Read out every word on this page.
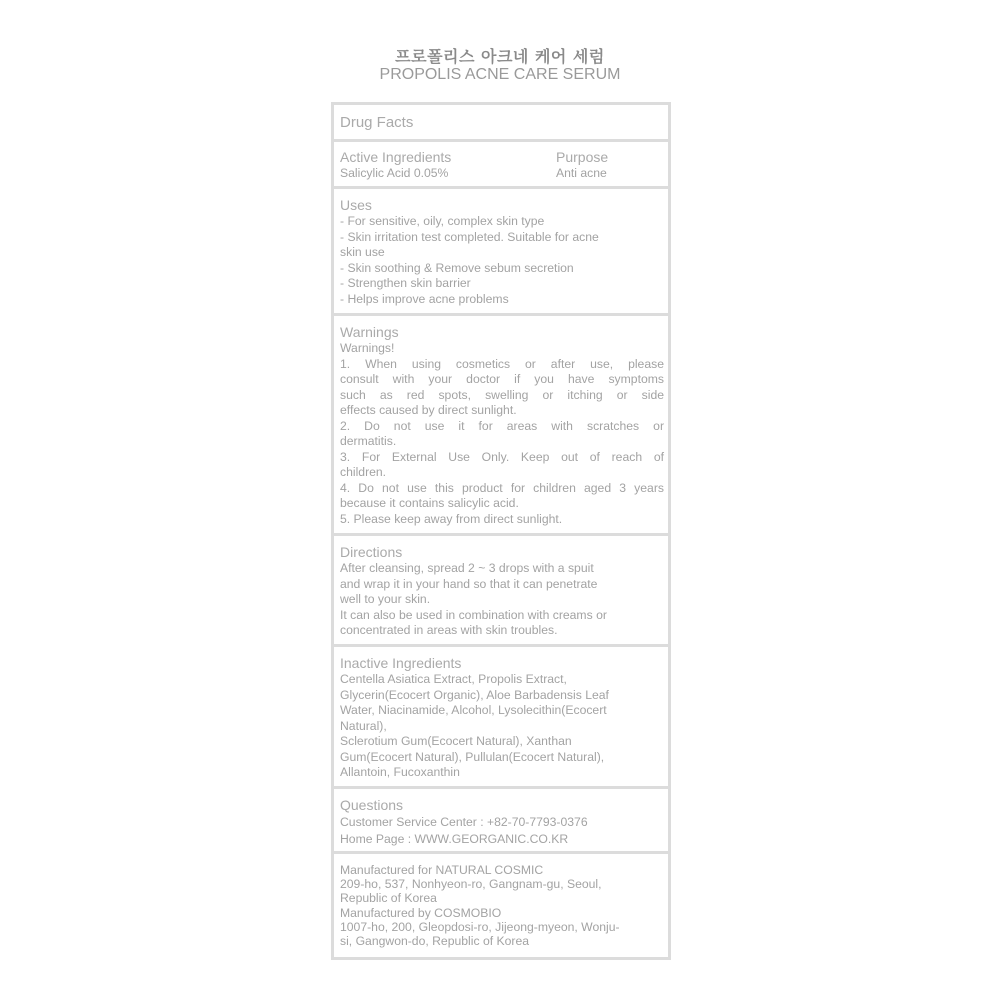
프로폴리스 아크네 케어 세럼
PROPOLIS ACNE CARE SERUM
Drug Facts
Active Ingredients
Salicylic Acid 0.05%
Purpose
Anti acne
Uses
- For sensitive, oily, complex skin type
- Skin irritation test completed. Suitable for acne
skin use
- Skin soothing & Remove sebum secretion
- Strengthen skin barrier
- Helps improve acne problems
Warnings
Warnings!
1. When using cosmetics or after use, please
consult with your doctor if you have symptoms
such as red spots, swelling or itching or side
effects caused by direct sunlight.
2. Do not use it for areas with scratches or
dermatitis.
3. For External Use Only. Keep out of reach of
children.
4. Do not use this product for children aged 3 years
because it contains salicylic acid.
5. Please keep away from direct sunlight.
Directions
After cleansing, spread 2 ~ 3 drops with a spuit
and wrap it in your hand so that it can penetrate
well to your skin.
It can also be used in combination with creams or
concentrated in areas with skin troubles.
Inactive Ingredients
Centella Asiatica Extract, Propolis Extract,
Glycerin(Ecocert Organic), Aloe Barbadensis Leaf
Water, Niacinamide, Alcohol, Lysolecithin(Ecocert
Natural),
Sclerotium Gum(Ecocert Natural), Xanthan
Gum(Ecocert Natural), Pullulan(Ecocert Natural),
Allantoin, Fucoxanthin
Questions
Customer Service Center : +82-70-7793-0376
Home Page : WWW.GEORGANIC.CO.KR
Manufactured for NATURAL COSMIC
209-ho, 537, Nonhyeon-ro, Gangnam-gu, Seoul,
Republic of Korea
Manufactured by COSMOBIO
1007-ho, 200, Gleopdosi-ro, Jijeong-myeon, Wonju-
si, Gangwon-do, Republic of Korea
